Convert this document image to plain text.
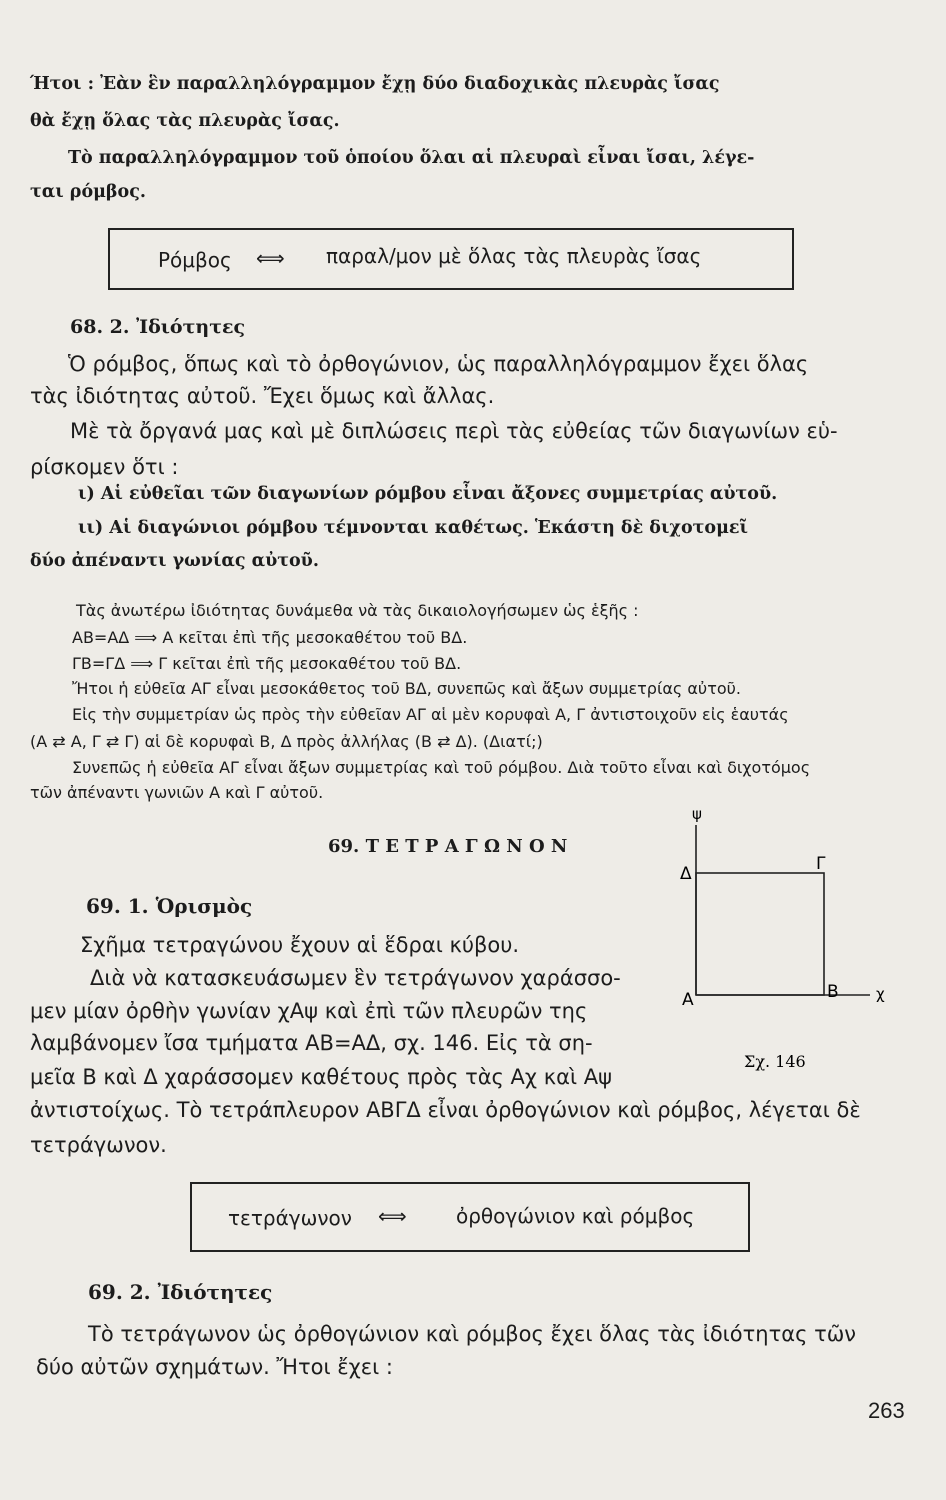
Ήτοι : Ἐὰν ἓν παραλληλόγραμμον ἔχῃ δύο διαδοχικὰς πλευρὰς ἴσας

θὰ ἔχῃ ὅλας τὰς πλευρὰς ἴσας.

Τὸ παραλληλόγραμμον τοῦ ὁποίου ὅλαι αἱ πλευραὶ εἶναι ἴσαι, λέγε-

ται ρόμβος.

Ρόμβος ⟺ παραλ/μον μὲ ὅλας τὰς πλευρὰς ἴσας

68. 2. Ἰδιότητες

Ὁ ρόμβος, ὅπως καὶ τὸ ὀρθογώνιον, ὡς παραλληλόγραμμον ἔχει ὅλας

τὰς ἰδιότητας αὐτοῦ. Ἔχει ὅμως καὶ ἄλλας.

Μὲ τὰ ὄργανά μας καὶ μὲ διπλώσεις περὶ τὰς εὐθείας τῶν διαγωνίων εὑ-

ρίσκομεν ὅτι :

ι) Αἱ εὐθεῖαι τῶν διαγωνίων ρόμβου εἶναι ἄξονες συμμετρίας αὐτοῦ.

ιι) Αἱ διαγώνιοι ρόμβου τέμνονται καθέτως. Ἑκάστη δὲ διχοτομεῖ

δύο ἀπέναντι γωνίας αὐτοῦ.

Τὰς ἀνωτέρω ἰδιότητας δυνάμεθα νὰ τὰς δικαιολογήσωμεν ὡς ἑξῆς :

ΑΒ=ΑΔ ⟹ Α κεῖται ἐπὶ τῆς μεσοκαθέτου τοῦ ΒΔ.

ΓΒ=ΓΔ ⟹ Γ κεῖται ἐπὶ τῆς μεσοκαθέτου τοῦ ΒΔ.

Ἤτοι ἡ εὐθεῖα ΑΓ εἶναι μεσοκάθετος τοῦ ΒΔ, συνεπῶς καὶ ἄξων συμμετρίας αὐτοῦ.

Εἰς τὴν συμμετρίαν ὡς πρὸς τὴν εὐθεῖαν ΑΓ αἱ μὲν κορυφαὶ Α, Γ ἀντιστοιχοῦν εἰς ἑαυτάς

(Α ⇄ Α, Γ ⇄ Γ) αἱ δὲ κορυφαὶ Β, Δ πρὸς ἀλλήλας (Β ⇄ Δ). (Διατί;)

Συνεπῶς ἡ εὐθεῖα ΑΓ εἶναι ἄξων συμμετρίας καὶ τοῦ ρόμβου. Διὰ τοῦτο εἶναι καὶ διχοτόμος

τῶν ἀπέναντι γωνιῶν Α καὶ Γ αὐτοῦ.

69. Τ Ε Τ Ρ Α Γ Ω Ν Ο Ν

69. 1. Ὁρισμὸς

Σχῆμα τετραγώνου ἔχουν αἱ ἕδραι κύβου.

Διὰ νὰ κατασκευάσωμεν ἓν τετράγωνον χαράσσο-

μεν μίαν ὀρθὴν γωνίαν χΑψ καὶ ἐπὶ τῶν πλευρῶν της

λαμβάνομεν ἴσα τμήματα ΑΒ=ΑΔ, σχ. 146. Εἰς τὰ ση-

μεῖα Β καὶ Δ χαράσσομεν καθέτους πρὸς τὰς Αχ καὶ Αψ

ἀντιστοίχως. Τὸ τετράπλευρον ΑΒΓΔ εἶναι ὀρθογώνιον καὶ ρόμβος, λέγεται δὲ

τετράγωνον.

ψ
Δ	Γ
Α	Β χ
Σχ. 146
τετράγωνον ⟺ ὀρθογώνιον καὶ ρόμβος

69. 2. Ἰδιότητες

Τὸ τετράγωνον ὡς ὀρθογώνιον καὶ ρόμβος ἔχει ὅλας τὰς ἰδιότητας τῶν

δύο αὐτῶν σχημάτων. Ἤτοι ἔχει :

263
